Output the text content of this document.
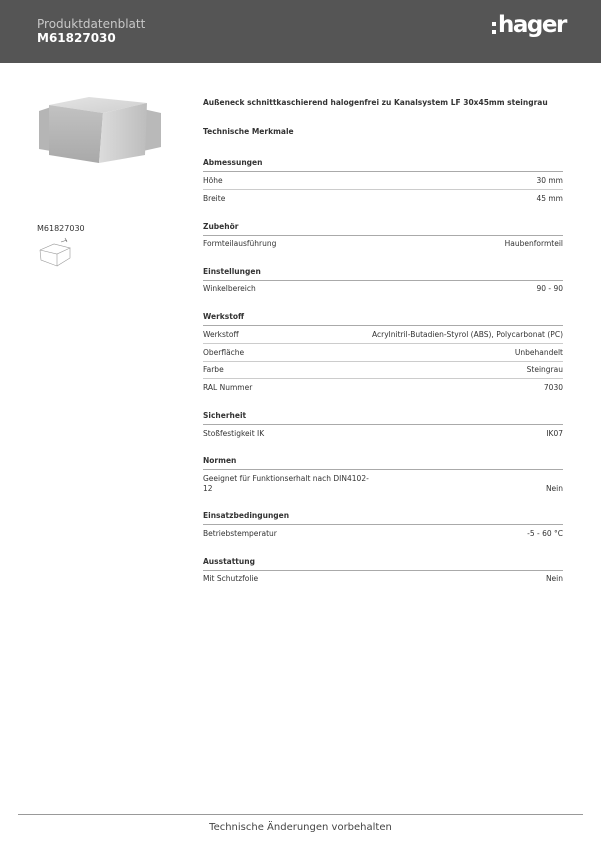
Produktdatenblatt
M61827030	hager
M61827030
Außeneck schnittkaschierend halogenfrei zu Kanalsystem LF 30x45mm steingrau
Technische Merkmale
Abmessungen
Höhe	30 mm
Breite	45 mm
Zubehör
Formteilausführung	Haubenformteil
Einstellungen
Winkelbereich	90 - 90
Werkstoff
Werkstoff	Acrylnitril-Butadien-Styrol (ABS), Polycarbonat (PC)
Oberfläche	Unbehandelt
Farbe	Steingrau
RAL Nummer	7030
Sicherheit
Stoßfestigkeit IK	IK07
Normen
Geeignet für Funktionserhalt nach DIN4102-12	Nein
Einsatzbedingungen
Betriebstemperatur	-5 - 60 °C
Ausstattung
Mit Schutzfolie	Nein
Technische Änderungen vorbehalten
